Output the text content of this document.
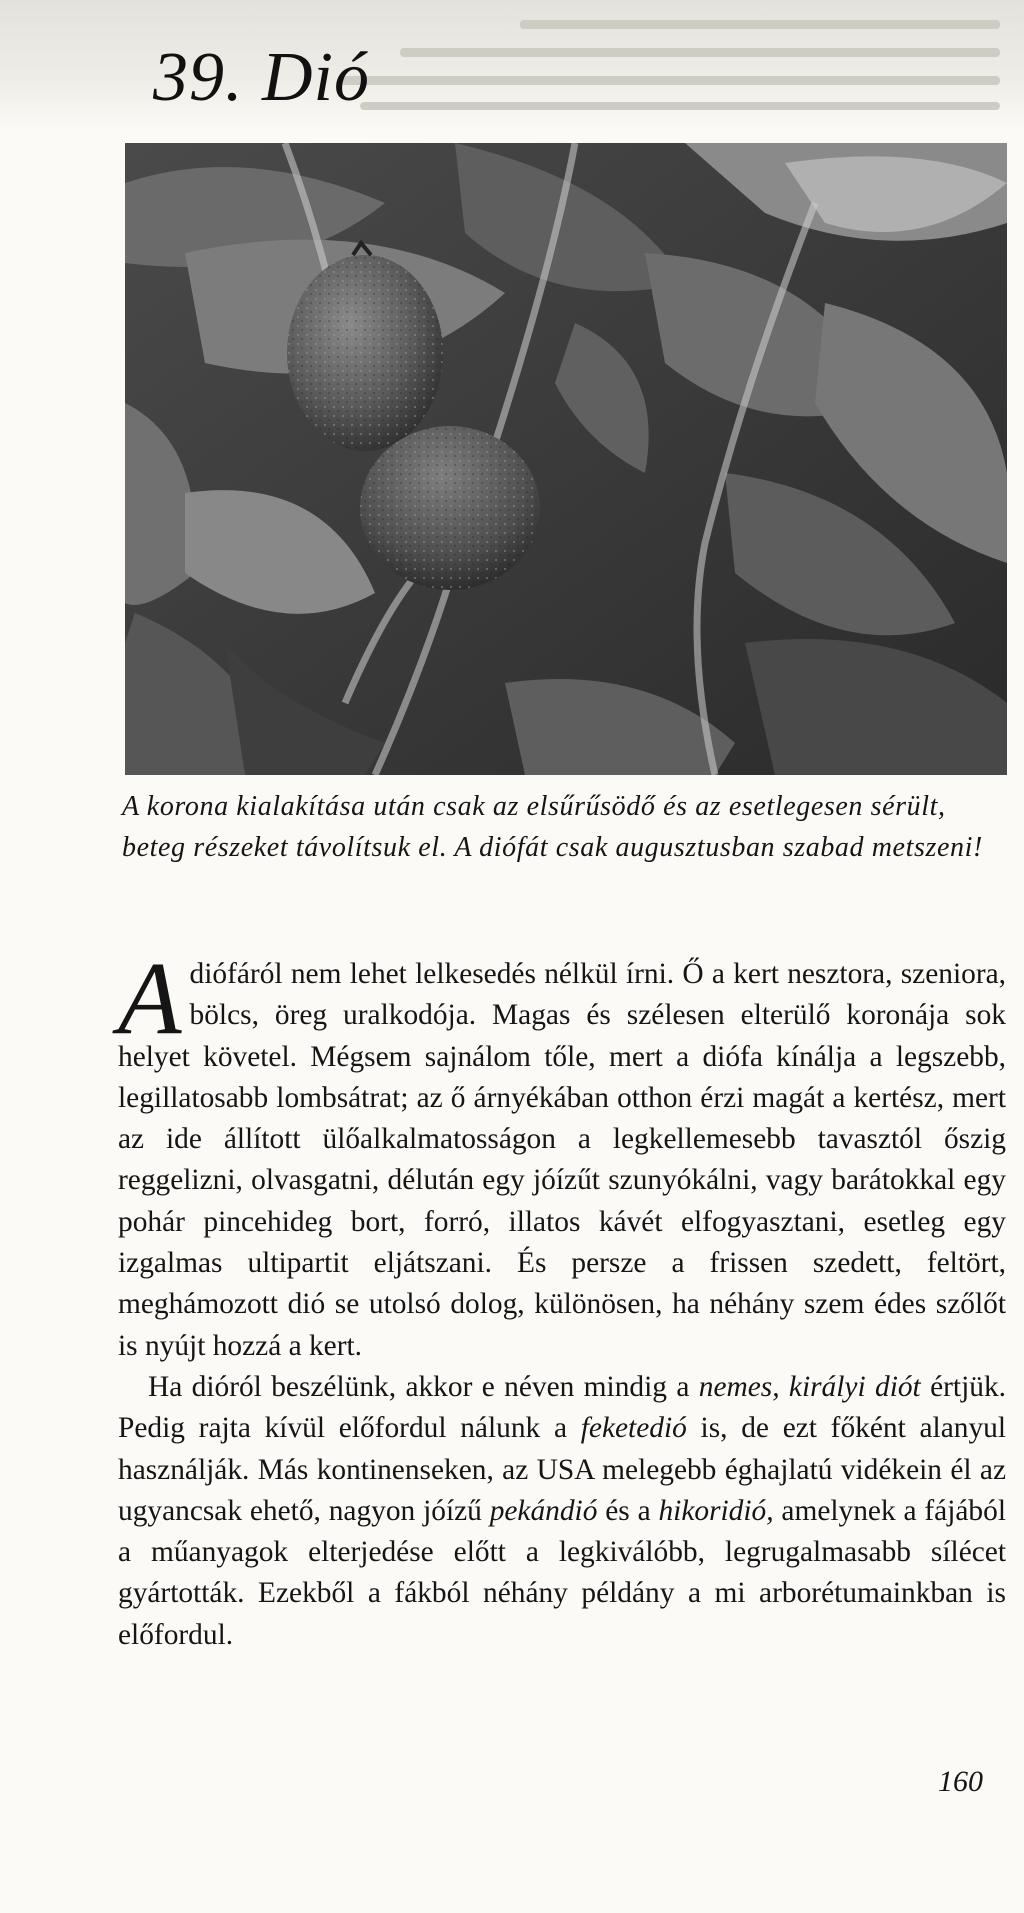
39. Dió

A korona kialakítása után csak az elsűrűsödő és az esetlegesen sérült, beteg részeket távolítsuk el. A diófát csak augusztusban szabad metszeni!

Adiófáról nem lehet lelkesedés nélkül írni. Ő a kert nesztora, szeniora, bölcs, öreg uralkodója. Magas és szélesen elterülő koronája sok helyet követel. Mégsem sajnálom tőle, mert a diófa kínálja a legszebb, legillatosabb lombsátrat; az ő árnyékában otthon érzi magát a kertész, mert az ide állított ülőalkalmatosságon a legkellemesebb tavasztól őszig reggelizni, olvasgatni, délután egy jóízűt szunyókálni, vagy barátokkal egy pohár pincehideg bort, forró, illatos kávét elfogyasztani, esetleg egy izgalmas ultipartit eljátszani. És persze a frissen szedett, feltört, meghámozott dió se utolsó dolog, különösen, ha néhány szem édes szőlőt is nyújt hozzá a kert.

Ha dióról beszélünk, akkor e néven mindig a nemes, királyi diót értjük. Pedig rajta kívül előfordul nálunk a feketedió is, de ezt főként alanyul használják. Más kontinenseken, az USA melegebb éghajlatú vidékein él az ugyancsak ehető, nagyon jóízű pekándió és a hikoridió, amelynek a fájából a műanyagok elterjedése előtt a legkiválóbb, legrugalmasabb sílécet gyártották. Ezekből a fákból néhány példány a mi arborétumainkban is előfordul.

160
